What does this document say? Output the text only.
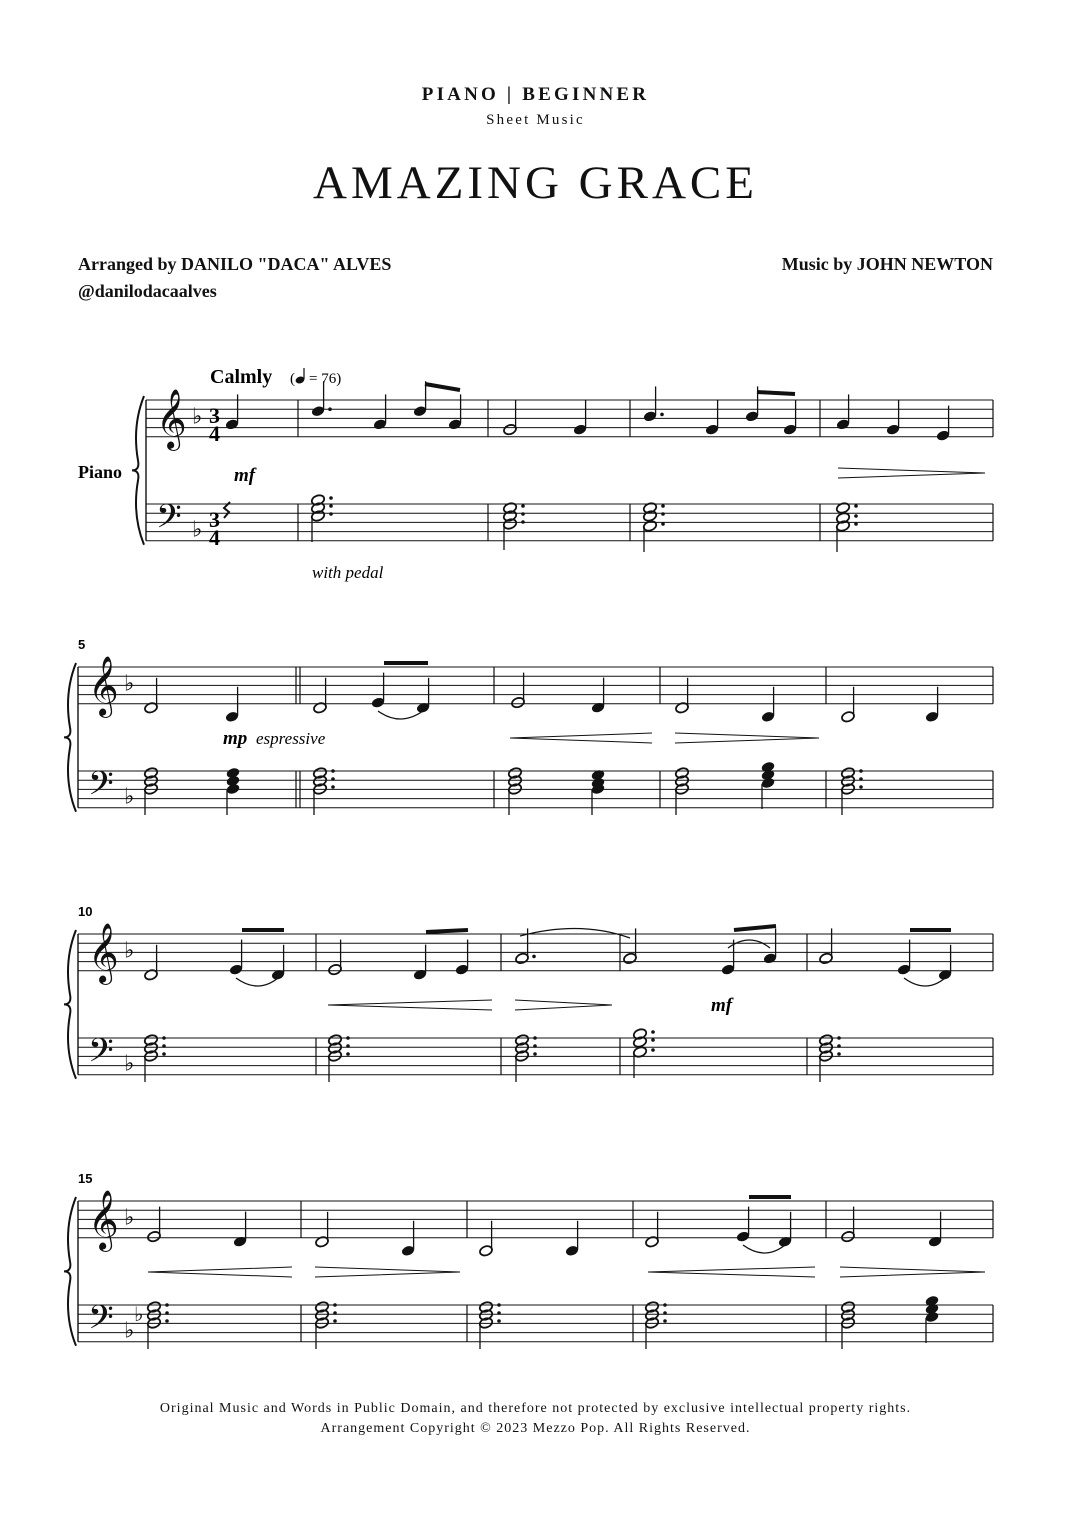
PIANO | BEGINNER
Sheet Music
AMAZING GRACE
Arranged by DANILO "DACA" ALVES
@danilodacaalves
Music by JOHN NEWTON
𝄞
𝄢
♭
♭
𝄞
𝄢
♭
♭
𝄞
𝄢
♭
♭
𝄞
𝄢
♭
♭
♭
Calmly ( = 76)
Piano
with pedal
mf
mp espressive
mf
5
10
15
3
4
3
4
Original Music and Words in Public Domain, and therefore not protected by exclusive intellectual property rights.
Arrangement Copyright © 2023 Mezzo Pop. All Rights Reserved.
